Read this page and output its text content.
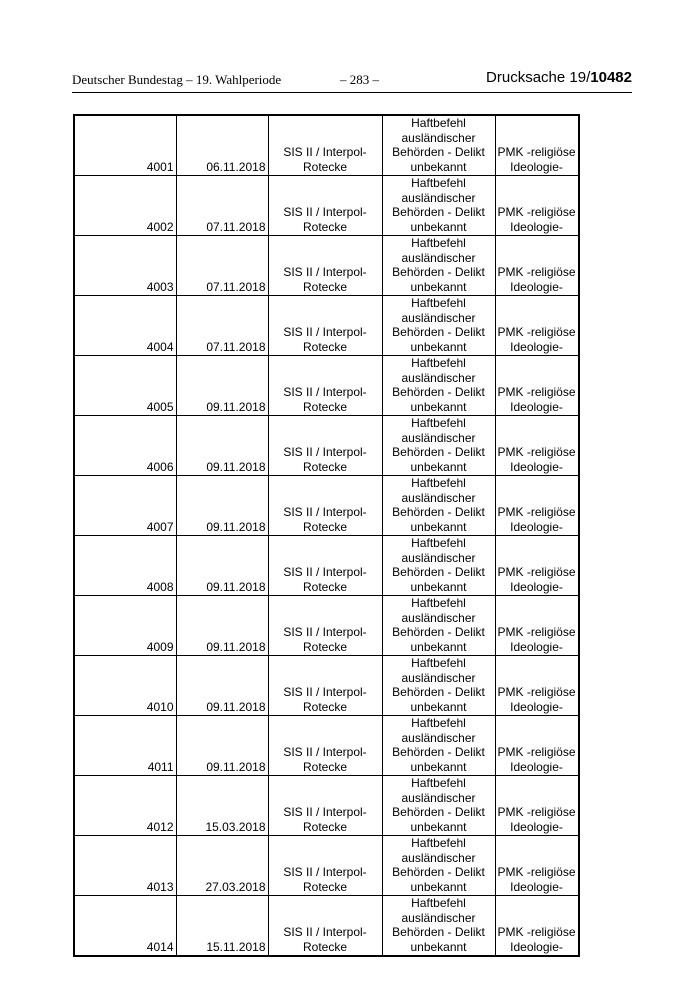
Deutscher Bundestag – 19. Wahlperiode	– 283 –	Drucksache 19/10482
4001	06.11.2018	SIS II / Interpol-
Rotecke	Haftbefehl
ausländischer
Behörden - Delikt
unbekannt	PMK -religiöse
Ideologie-

4002	07.11.2018	SIS II / Interpol-
Rotecke	Haftbefehl
ausländischer
Behörden - Delikt
unbekannt	PMK -religiöse
Ideologie-

4003	07.11.2018	SIS II / Interpol-
Rotecke	Haftbefehl
ausländischer
Behörden - Delikt
unbekannt	PMK -religiöse
Ideologie-

4004	07.11.2018	SIS II / Interpol-
Rotecke	Haftbefehl
ausländischer
Behörden - Delikt
unbekannt	PMK -religiöse
Ideologie-

4005	09.11.2018	SIS II / Interpol-
Rotecke	Haftbefehl
ausländischer
Behörden - Delikt
unbekannt	PMK -religiöse
Ideologie-

4006	09.11.2018	SIS II / Interpol-
Rotecke	Haftbefehl
ausländischer
Behörden - Delikt
unbekannt	PMK -religiöse
Ideologie-

4007	09.11.2018	SIS II / Interpol-
Rotecke	Haftbefehl
ausländischer
Behörden - Delikt
unbekannt	PMK -religiöse
Ideologie-

4008	09.11.2018	SIS II / Interpol-
Rotecke	Haftbefehl
ausländischer
Behörden - Delikt
unbekannt	PMK -religiöse
Ideologie-

4009	09.11.2018	SIS II / Interpol-
Rotecke	Haftbefehl
ausländischer
Behörden - Delikt
unbekannt	PMK -religiöse
Ideologie-

4010	09.11.2018	SIS II / Interpol-
Rotecke	Haftbefehl
ausländischer
Behörden - Delikt
unbekannt	PMK -religiöse
Ideologie-

4011	09.11.2018	SIS II / Interpol-
Rotecke	Haftbefehl
ausländischer
Behörden - Delikt
unbekannt	PMK -religiöse
Ideologie-

4012	15.03.2018	SIS II / Interpol-
Rotecke	Haftbefehl
ausländischer
Behörden - Delikt
unbekannt	PMK -religiöse
Ideologie-

4013	27.03.2018	SIS II / Interpol-
Rotecke	Haftbefehl
ausländischer
Behörden - Delikt
unbekannt	PMK -religiöse
Ideologie-

4014	15.11.2018	SIS II / Interpol-
Rotecke	Haftbefehl
ausländischer
Behörden - Delikt
unbekannt	PMK -religiöse
Ideologie-
